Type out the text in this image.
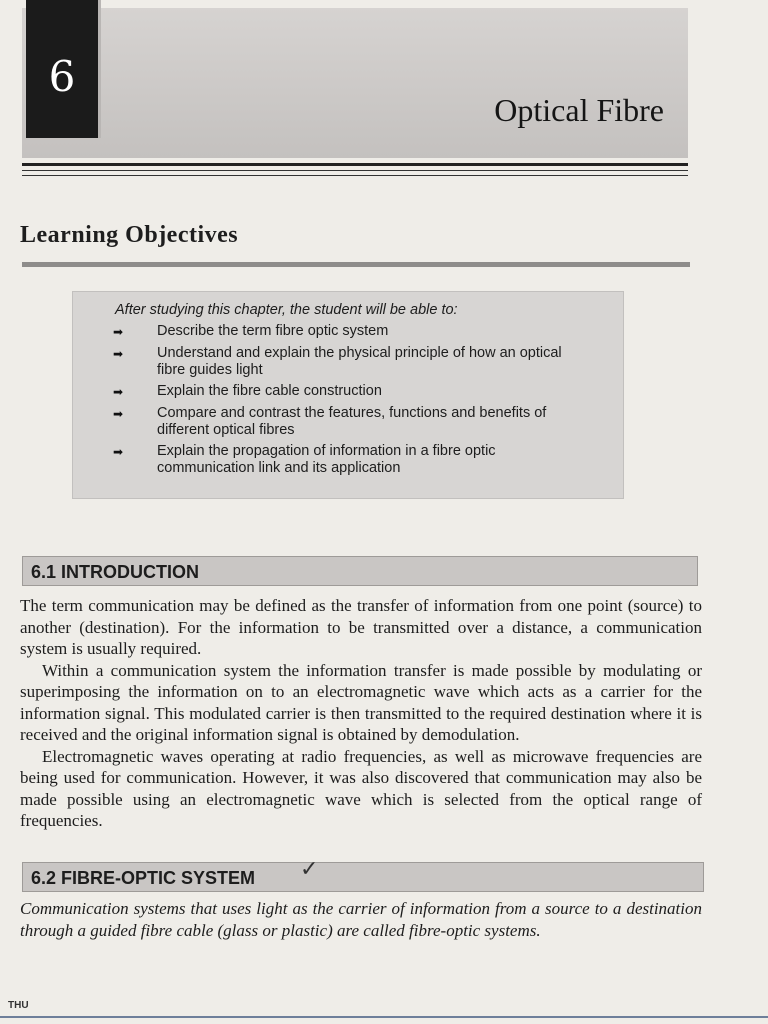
6
Optical Fibre
Learning Objectives
After studying this chapter, the student will be able to:
➡	Describe the term fibre optic system
➡	Understand and explain the physical principle of how an optical fibre guides light
➡	Explain the fibre cable construction
➡	Compare and contrast the features, functions and benefits of different optical fibres
➡	Explain the propagation of information in a fibre optic communication link and its application
6.1 INTRODUCTION

The term communication may be defined as the transfer of information from one point (source) to another (destination). For the information to be transmitted over a distance, a communication system is usually required.

Within a communication system the information transfer is made possible by modulating or superimposing the information on to an electromagnetic wave which acts as a carrier for the information signal. This modulated carrier is then transmitted to the required destination where it is received and the original information signal is obtained by demodulation.

Electromagnetic waves operating at radio frequencies, as well as microwave frequencies are being used for communication. However, it was also discovered that communication may also be made possible using an electromagnetic wave which is selected from the optical range of frequencies.

6.2 FIBRE-OPTIC SYSTEM	✓

Communication systems that uses light as the carrier of information from a source to a destination through a guided fibre cable (glass or plastic) are called fibre-optic systems.

THU
